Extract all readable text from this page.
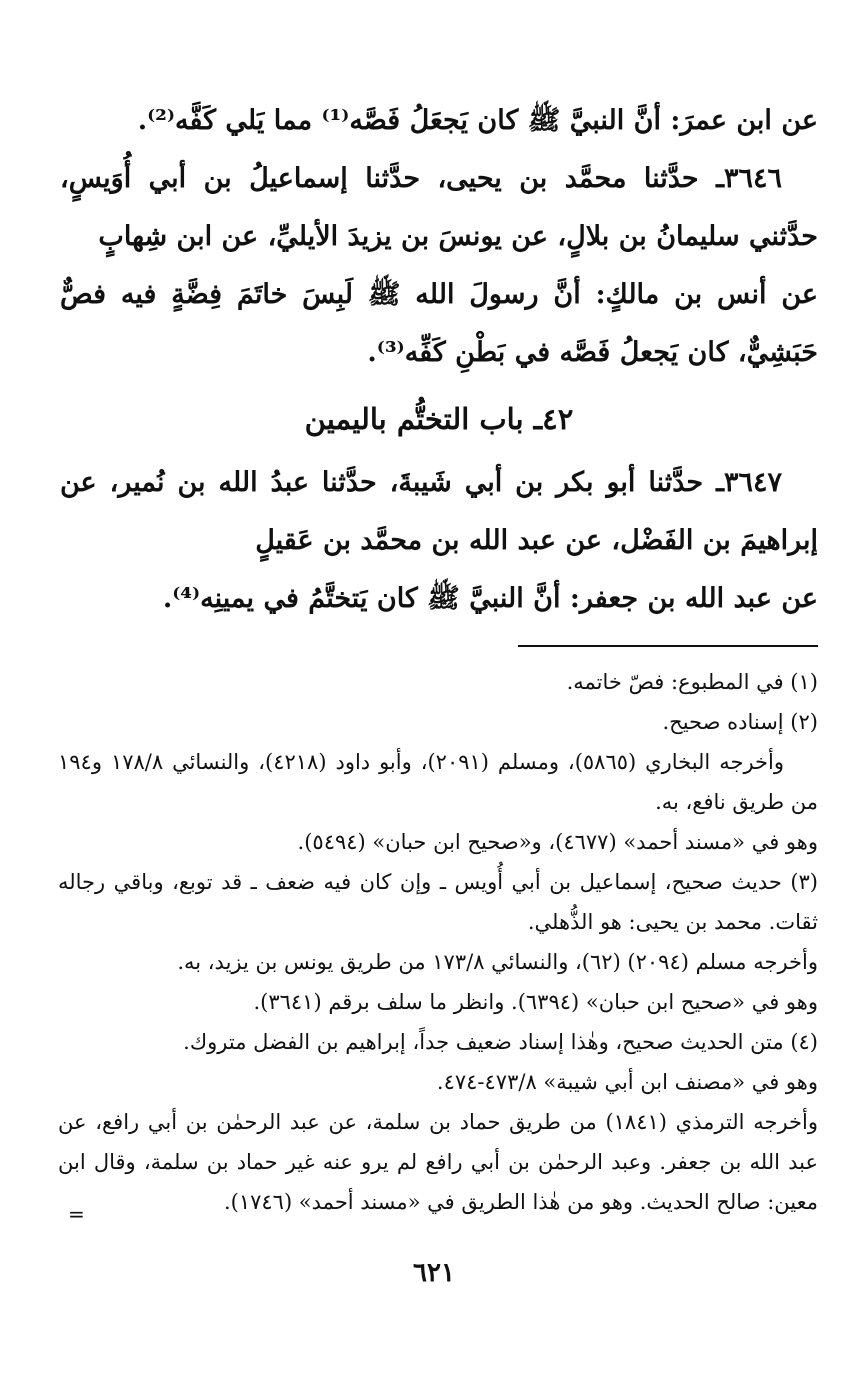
عن ابن عمرَ: أنَّ النبيَّ ﷺ كان يَجعَلُ فَصَّه⁽¹⁾ مما يَلي كَفَّه⁽²⁾.

٣٦٤٦ـ حدَّثنا محمَّد بن يحيى، حدَّثنا إسماعيلُ بن أبي أُوَيسٍ، حدَّثني سليمانُ بن بلالٍ، عن يونسَ بن يزيدَ الأيليِّ، عن ابن شِهابٍ

عن أنس بن مالكٍ: أنَّ رسولَ الله ﷺ لَبِسَ خاتَمَ فِضَّةٍ فيه فصٌّ حَبَشِيٌّ، كان يَجعلُ فَصَّه في بَطْنِ كَفِّه⁽³⁾.

٤٢ـ باب التختُّم باليمين

٣٦٤٧ـ حدَّثنا أبو بكر بن أبي شَيبةَ، حدَّثنا عبدُ الله بن نُمير، عن إبراهيمَ بن الفَضْل، عن عبد الله بن محمَّد بن عَقيلٍ

عن عبد الله بن جعفر: أنَّ النبيَّ ﷺ كان يَتختَّمُ في يمينِه⁽⁴⁾.

(١) في المطبوع: فصّ خاتمه.

(٢) إسناده صحيح.

وأخرجه البخاري (٥٨٦٥)، ومسلم (٢٠٩١)، وأبو داود (٤٢١٨)، والنسائي ١٧٨/٨ و١٩٤ من طريق نافع، به.

وهو في «مسند أحمد» (٤٦٧٧)، و«صحيح ابن حبان» (٥٤٩٤).

(٣) حديث صحيح، إسماعيل بن أبي أُويس ـ وإن كان فيه ضعف ـ قد توبع، وباقي رجاله ثقات. محمد بن يحيى: هو الذُّهلي.

وأخرجه مسلم (٢٠٩٤) (٦٢)، والنسائي ١٧٣/٨ من طريق يونس بن يزيد، به.

وهو في «صحيح ابن حبان» (٦٣٩٤). وانظر ما سلف برقم (٣٦٤١).

(٤) متن الحديث صحيح، وهٰذا إسناد ضعيف جداً، إبراهيم بن الفضل متروك.

وهو في «مصنف ابن أبي شيبة» ٤٧٣/٨-٤٧٤.

وأخرجه الترمذي (١٨٤١) من طريق حماد بن سلمة، عن عبد الرحمٰن بن أبي رافع، عن عبد الله بن جعفر. وعبد الرحمٰن بن أبي رافع لم يرو عنه غير حماد بن سلمة، وقال ابن معين: صالح الحديث. وهو من هٰذا الطريق في «مسند أحمد» (١٧٤٦).

=
٦٢١
